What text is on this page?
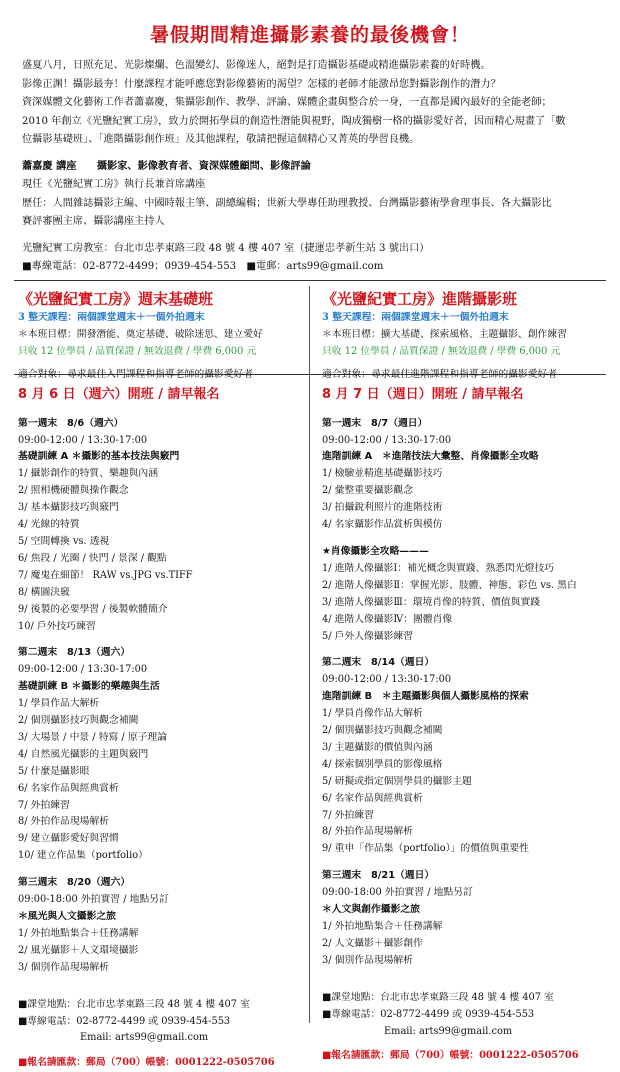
暑假期間精進攝影素養的最後機會！

盛夏八月，日照充足、光影燦爛、色溫變幻、影像迷人，絕對是打造攝影基礎或精進攝影素養的好時機。

影像正渊！攝影最夯！什麼課程才能呼應您對影像藝術的渴望？怎樣的老師才能激昂您對攝影創作的潛力？

資深媒體文化藝術工作者蕭嘉慶，集攝影創作、教學、評論、媒體企畫與整合於一身，一直都是國內最好的全能老師；

2010 年創立《光鹽紀實工房》，致力於開拓學員的創造性潛能與視野，陶成獨樹一格的攝影愛好者，因而精心規畫了「數

位攝影基礎班」、「進階攝影創作班」及其他課程，敬請把握這個精心又菁英的學習良機。

蕭嘉慶 講座　　攝影家、影像教育者、資深媒體顧問、影像評論

現任《光鹽紀實工房》執行長兼首席講座

歷任：人間雜誌攝影主編、中國時報主筆、副總編輯；世新大學專任助理教授、台灣攝影藝術學會理事長、各大攝影比

賽評審團主席、攝影講座主持人

光鹽紀實工房教室：台北市忠孝東路三段 48 號 4 樓 407 室（捷運忠孝新生站 3 號出口）

■專線電話：02-8772-4499；0939-454-553　■電郵：arts99@gmail.com

《光鹽紀實工房》週末基礎班
3 整天課程：兩個課堂週末＋一個外拍週末
＊本班目標：開發潛能、奠定基礎、破除迷思、建立愛好
只收 12 位學員 / 品質保證 / 無效退費 / 學費 6,000 元
適合對象：尋求最佳入門課程和指導老師的攝影愛好者
8 月 6 日（週六）開班 / 請早報名
第一週末　8/6（週六）
09:00-12:00 / 13:30-17:00
基礎訓練 A ＊攝影的基本技法與竅門
1/ 攝影創作的特質、樂趣與內涵
2/ 照相機硬體與操作觀念
3/ 基本攝影技巧與竅門
4/ 光線的特質
5/ 空間轉換 vs. 透視
6/ 焦段 / 光圈 / 快門 / 景深 / 觀點
7/ 魔鬼在細節！ RAW vs.JPG vs.TIFF
8/ 構圖決竅
9/ 後製的必要學習 / 後製軟體簡介
10/ 戶外技巧練習
第二週末　8/13（週六）
09:00-12:00 / 13:30-17:00
基礎訓練 B ＊攝影的樂趣與生活
1/ 學員作品大解析
2/ 個別攝影技巧與觀念補闕
3/ 大場景 / 中景 / 特寫 / 原子理論
4/ 自然風光攝影的主題與竅門
5/ 什麼是攝影眼
6/ 名家作品與經典賞析
7/ 外拍練習
8/ 外拍作品現場解析
9/ 建立攝影愛好與習慣
10/ 建立作品集（portfolio）
第三週末　8/20（週六）
09:00-18:00 外拍實習 / 地點另訂
＊風光與人文攝影之旅
1/ 外拍地點集合＋任務講解
2/ 風光攝影＋人文環境攝影
3/ 個別作品現場解析
■課堂地點：台北市忠孝東路三段 48 號 4 樓 407 室
■專線電話：02-8772-4499 或 0939-454-553
Email: arts99@gmail.com
■報名請匯款：郵局（700）帳號：0001222-0505706
《光鹽紀實工房》進階攝影班
3 整天課程：兩個課堂週末＋一個外拍週末
＊本班目標：擴大基礎、探索風格、主題攝影、創作練習
只收 12 位學員 / 品質保證 / 無效退費 / 學費 6,000 元
適合對象：尋求最佳進階課程和指導老師的攝影愛好者
8 月 7 日（週日）開班 / 請早報名
第一週末　8/7（週日）
09:00-12:00 / 13:30-17:00
進階訓練 A　＊進階技法大彙整、肖像攝影全攻略
1/ 檢驗並精進基礎攝影技巧
2/ 彙整重要攝影觀念
3/ 拍攝銳利照片的進階技術
4/ 名家攝影作品賞析與模仿
★肖像攝影全攻略———
1/ 進階人像攝影Ⅰ：補光概念與實踐、熟悉閃光燈技巧
2/ 進階人像攝影Ⅱ：掌握光影、肢體、神態、彩色 vs. 黑白
3/ 進階人像攝影Ⅲ：環境肖像的特質、價值與實踐
4/ 進階人像攝影Ⅳ：團體肖像
5/ 戶外人像攝影練習
第二週末　8/14（週日）
09:00-12:00 / 13:30-17:00
進階訓練 B　＊主題攝影與個人攝影風格的探索
1/ 學員肖像作品大解析
2/ 個別攝影技巧與觀念補闕
3/ 主題攝影的價值與內涵
4/ 探索個別學員的影像風格
5/ 研擬或指定個別學員的攝影主題
6/ 名家作品與經典賞析
7/ 外拍練習
8/ 外拍作品現場解析
9/ 重申「作品集（portfolio）」的價值與重要性
第三週末　8/21（週日）
09:00-18:00 外拍實習 / 地點另訂
＊人文與創作攝影之旅
1/ 外拍地點集合＋任務講解
2/ 人文攝影＋攝影創作
3/ 個別作品現場解析
■課堂地點：台北市忠孝東路三段 48 號 4 樓 407 室
■專線電話：02-8772-4499 或 0939-454-553
Email: arts99@gmail.com
■報名請匯款：郵局（700）帳號：0001222-0505706
